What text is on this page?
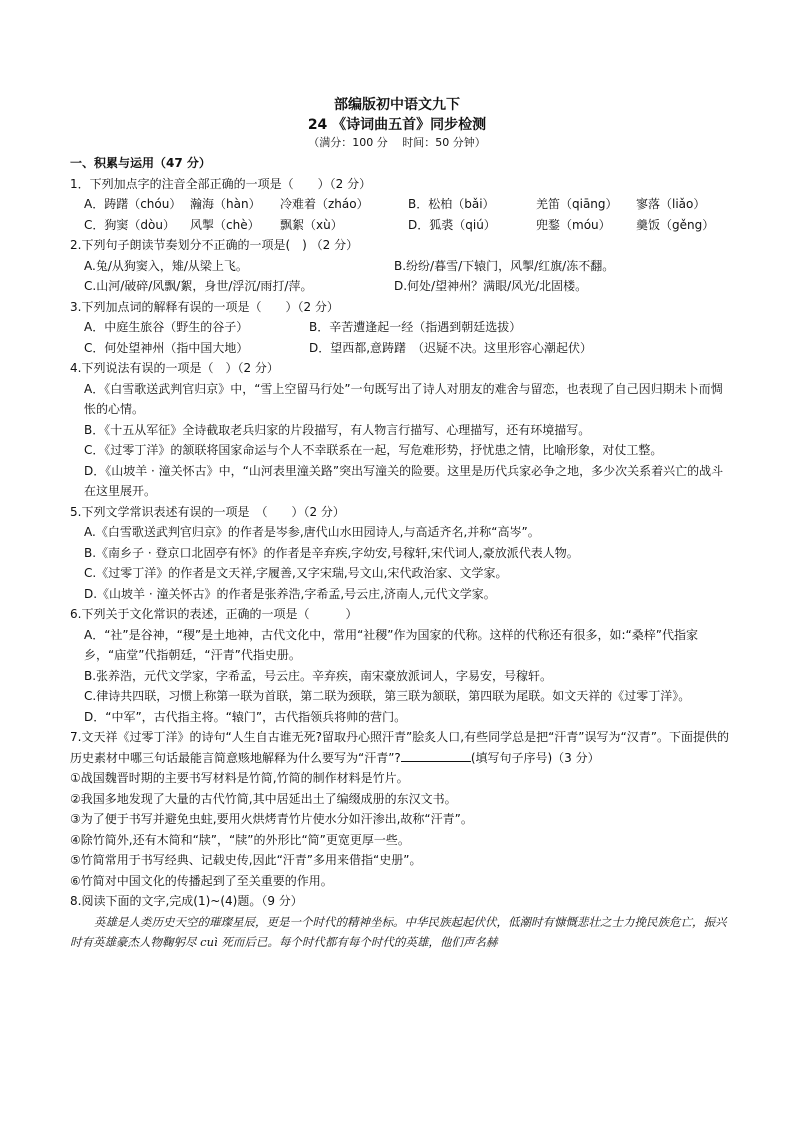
部编版初中语文九下
24 《诗词曲五首》同步检测
（满分：100 分　 时间：50 分钟）
一、积累与运用（47 分）
1．下列加点字的注音全部正确的一项是（　　）（2 分）
A．踌躇（chóu） 瀚海（hàn）	冷难着（zháo）	B．松柏（bǎi）	羌笛（qiāng）	寥落（liǎo）
C．狗窦（dòu）	风掣（chè）	飘絮（xù）	D．狐裘（qiú）	兜鍪（móu）	羹饭（gěng）
2.下列句子朗读节奏划分不正确的一项是(　) （2 分）
A.兔/从狗窦入，雉/从梁上飞。	B.纷纷/暮雪/下辕门，风掣/红旗/冻不翻。
C.山河/破碎/风飘/絮，身世/浮沉/雨打/萍。	D.何处/望神州？满眼/风光/北固楼。
3.下列加点词的解释有误的一项是（　　）（2 分）
A．中庭生旅谷（野生的谷子）	B．辛苦遭逢起一经（指遇到朝廷选拔）
C．何处望神州（指中国大地）	D．望西都,意踌躇　（迟疑不决。这里形容心潮起伏）
4.下列说法有误的一项是（　）（2 分）
A．《白雪歌送武判官归京》中，“雪上空留马行处”一句既写出了诗人对朋友的难舍与留恋，也表现了自己因归期未卜而惆怅的心情。
B．《十五从军征》全诗截取老兵归家的片段描写，有人物言行描写、心理描写，还有环境描写。
C．《过零丁洋》的颔联将国家命运与个人不幸联系在一起，写危难形势，抒忧患之情，比喻形象，对仗工整。
D．《山坡羊 · 潼关怀古》中，“山河表里潼关路”突出写潼关的险要。这里是历代兵家必争之地，多少次关系着兴亡的战斗在这里展开。
5.下列文学常识表述有误的一项是　（　　）（2 分）
A.《白雪歌送武判官归京》的作者是岑参,唐代山水田园诗人,与高适齐名,并称“高岑”。
B.《南乡子 · 登京口北固亭有怀》的作者是辛弃疾,字幼安,号稼轩,宋代词人,豪放派代表人物。
C.《过零丁洋》的作者是文天祥,字履善,又字宋瑞,号文山,宋代政治家、文学家。
D.《山坡羊 · 潼关怀古》的作者是张养浩,字希孟,号云庄,济南人,元代文学家。
6.下列关于文化常识的表述，正确的一项是（　　　）
A．“社”是谷神，“稷”是土地神，古代文化中，常用“社稷”作为国家的代称。这样的代称还有很多，如:“桑梓”代指家乡，“庙堂”代指朝廷，“汗青”代指史册。
B.张养浩，元代文学家，字希孟，号云庄。辛弃疾，南宋豪放派词人，字易安，号稼轩。
C.律诗共四联，习惯上称第一联为首联，第二联为颈联，第三联为颔联，第四联为尾联。如文天祥的《过零丁洋》。
D．“中军”，古代指主将。“辕门”，古代指领兵将帅的营门。
7.文天祥《过零丁洋》的诗句“人生自古谁无死?留取丹心照汗青”脍炙人口,有些同学总是把“汗青”误写为“汉青”。下面提供的历史素材中哪三句话最能言简意赅地解释为什么要写为“汗青”?	(填写句子序号)（3 分）
①战国魏晋时期的主要书写材料是竹简,竹简的制作材料是竹片。
②我国多地发现了大量的古代竹简,其中居延出土了编缀成册的东汉文书。
③为了便于书写并避免虫蛀,要用火烘烤青竹片使水分如汗渗出,故称“汗青”。
④除竹简外,还有木简和“牍”，“牍”的外形比“简”更宽更厚一些。
⑤竹简常用于书写经典、记载史传,因此“汗青”多用来借指“史册”。
⑥竹简对中国文化的传播起到了至关重要的作用。
8.阅读下面的文字,完成(1)~(4)题。（9 分）
英雄是人类历史天空的璀璨星辰，更是一个时代的精神坐标。中华民族起起伏伏，低潮时有慷慨悲壮之士力挽民族危亡，振兴时有英雄豪杰人物鞠躬尽 cuì 死而后已。每个时代都有每个时代的英雄，他们声名赫
